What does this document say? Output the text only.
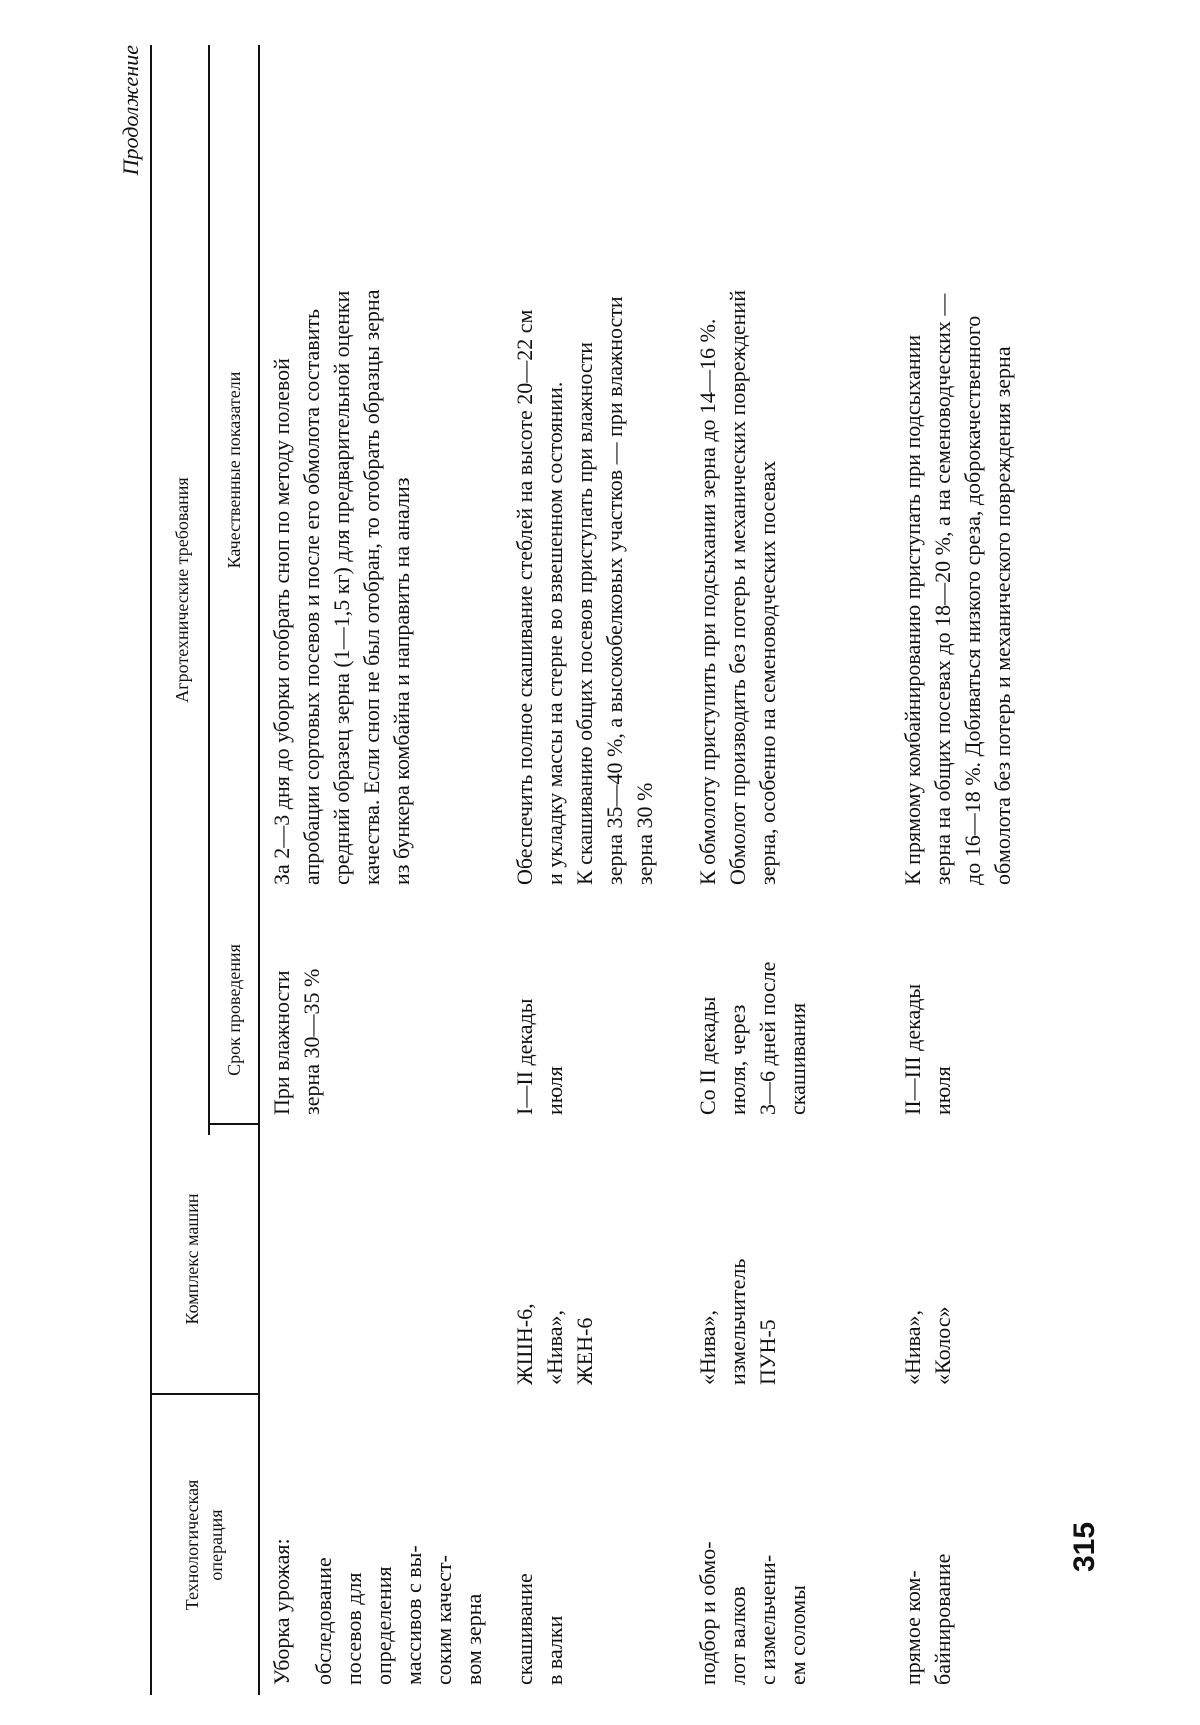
Технологическая операция
Комплекс машин
Агротехнические требования
Срок проведения
Качественные показатели
Уборка урожая: обследование посевов для определения массивов с вы- соким качест- вом зерна
При влажности зерна 30—35 %
За 2—3 дня до уборки отобрать сноп по методу полевой апробации сортовых посевов и после его обмолота составить средний образец зерна (1—1,5 кг) для предварительной оценки качества. Если сноп не был отобран, то отобрать образцы зерна из бункера комбайна и направить на анализ
скашивание в валки
ЖШН-6, «Нива», ЖЕН-6
I—II декады июля
Обеспечить полное скашивание стеблей на высоте 20—22 см и укладку массы на стерне во взвешенном состоянии. К скашиванию общих посевов приступать при влажности зерна 35—40 %, а высокобелковых участков — при влажности зерна 30 %
подбор и обмо- лот валков с измельчени- ем соломы
«Нива», измельчитель ПУН-5
Со II декады июля, через 3—6 дней после скашивания
К обмолоту приступить при подсыхании зерна до 14—16 %. Обмолот производить без потерь и механических повреждений зерна, особенно на семеноводческих посевах
прямое ком- байнирование
«Нива», «Колос»
II—III декады июля
К прямому комбайнированию приступать при подсыхании зерна на общих посевах до 18—20 %, а на семеноводческих — до 16—18 %. Добиваться низкого среза, доброкачественного обмолота без потерь и механического повреждения зерна
Продолжение
315
